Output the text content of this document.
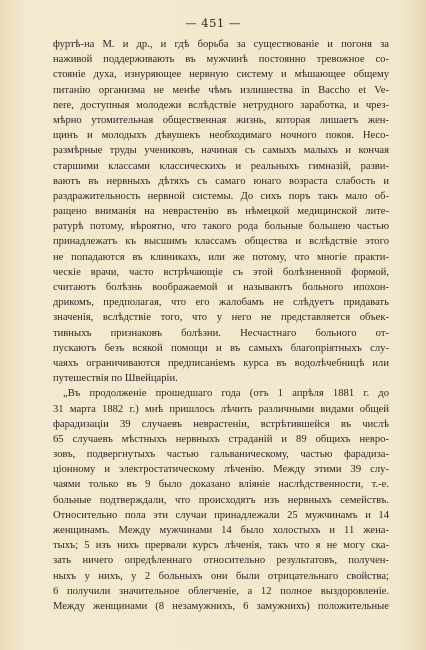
— 451 —
фуртѣ-на М. и др., и гдѣ борьба за существованіе и погоня за
наживой поддерживають въ мужчинѣ постоянно тревожное со-
стояніе духа, изнуряющее нервную систему и мѣшающее общему
питанію организма не менѣе чѣмъ излишества in Baccho et Ve-
nere, доступныя молодежи вслѣдствіе нетрудного заработка, и чрез-
мѣрно утомительная общественная жизнь, которая лишаетъ жен-
щинъ и молодыхъ дѣвушекъ необходимаго ночного покоя. Несо-
размѣрные труды учениковъ, начиная съ самыхъ малыхъ и кончая
старшими классами классическихъ и реальныхъ гимназій, разви-
ваютъ въ нервныхъ дѣтяхъ съ самаго юнаго возраста слабость и
раздражительность нервной системы. До сихъ поръ такъ мало об-
ращено вниманія на неврастенію въ нѣмецкой медицинской лите-
ратурѣ потому, вѣроятно, что такого рода больные большею частью
принадлежатъ къ высшимъ классамъ общества и вслѣдствіе этого
не попадаются въ клиникахъ, или же потому, что многіе практи-
ческіе врачи, часто встрѣчающіе съ этой болѣзненной формой,
считаютъ болѣзнь воображаемой и называютъ больного ипохон-
дрикомъ, предполагая, что его жалобамъ не слѣдуетъ придавать
значенія, вслѣдствіе того, что у него не представляется объек-
тивныхъ признаковъ болѣзни. Несчастнаго больного от-
пускаютъ безъ всякой помощи и въ самыхъ благопріятныхъ слу-
чаяхъ ограничиваются предписаніемъ курса въ водолѣчебницѣ или
путешествія по Швейцаріи.
„Въ продолженіе прошедшаго года (отъ 1 апрѣля 1881 г. до
31 марта 1882 г.) мнѣ пришлось лѣчить различными видами общей
фарадизаціи 39 случаевъ неврастеніи, встрѣтившейся въ числѣ
65 случаевъ мѣстныхъ нервныхъ страданій и 89 общихъ невро-
зовъ, подвергнутыхъ частью гальваническому, частью фарадиза-
ціонному и электростатическому лѣченію. Между этими 39 слу-
чаями только въ 9 было доказано вліяніе наслѣдственности, т.-е.
больные подтверждали, что происходятъ изъ нервныхъ семействъ.
Относительно пола эти случаи принадлежали 25 мужчинамъ и 14
женщинамъ. Между мужчинами 14 было холостыхъ и 11 жена-
тыхъ; 5 изъ нихъ прервали курсъ лѣченія, такъ что я не могу ска-
зать ничего опредѣленнаго относительно результатовъ, получен-
ныхъ у нихъ, у 2 больныхъ они были отрицательнаго свойства;
6 получили значительное облегченіе, а 12 полное выздоровленіе.
Между женщинами (8 незамужнихъ, 6 замужнихъ) положительные
